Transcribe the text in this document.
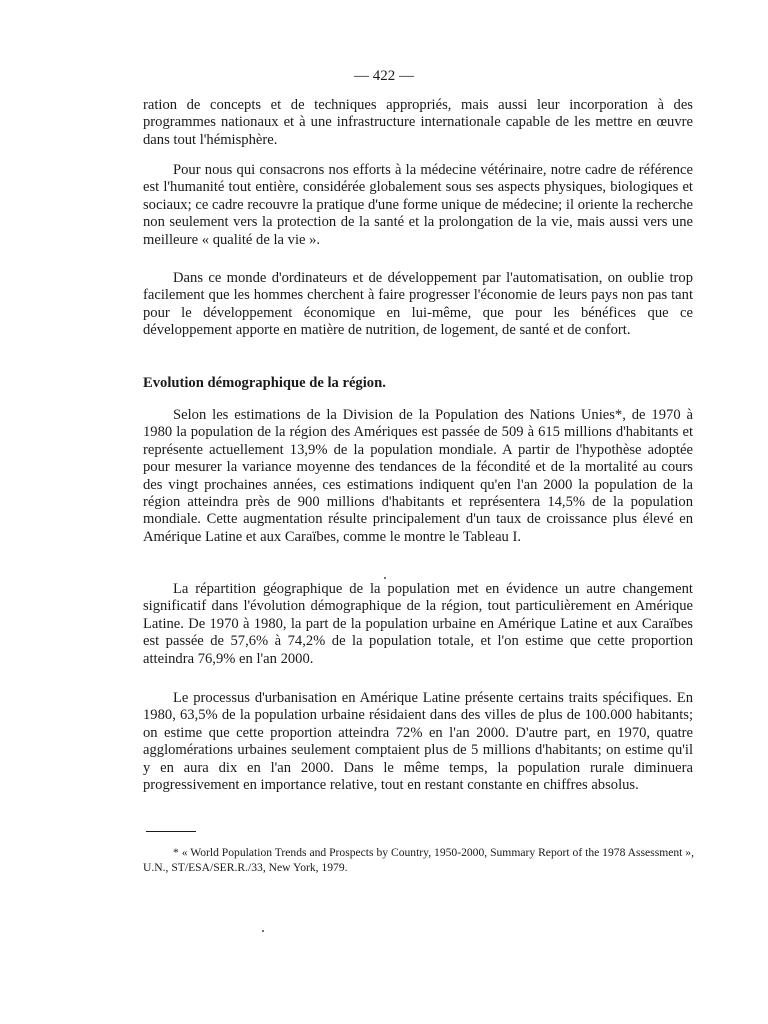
— 422 —

ration de concepts et de techniques appropriés, mais aussi leur incorporation à des programmes nationaux et à une infrastructure internationale capable de les mettre en œuvre dans tout l'hémisphère.

Pour nous qui consacrons nos efforts à la médecine vétérinaire, notre cadre de référence est l'humanité tout entière, considérée globalement sous ses aspects physiques, biologiques et sociaux; ce cadre recouvre la pratique d'une forme unique de médecine; il oriente la recherche non seulement vers la protection de la santé et la prolongation de la vie, mais aussi vers une meilleure « qualité de la vie ».

Dans ce monde d'ordinateurs et de développement par l'automatisation, on oublie trop facilement que les hommes cherchent à faire progresser l'économie de leurs pays non pas tant pour le développement économique en lui-même, que pour les bénéfices que ce développement apporte en matière de nutrition, de logement, de santé et de confort.

Evolution démographique de la région.

Selon les estimations de la Division de la Population des Nations Unies*, de 1970 à 1980 la population de la région des Amériques est passée de 509 à 615 millions d'habitants et représente actuellement 13,9% de la population mondiale. A partir de l'hypothèse adoptée pour mesurer la variance moyenne des tendances de la fécondité et de la mortalité au cours des vingt prochaines années, ces estimations indiquent qu'en l'an 2000 la population de la région atteindra près de 900 millions d'habitants et représentera 14,5% de la population mondiale. Cette augmentation résulte principalement d'un taux de croissance plus élevé en Amérique Latine et aux Caraïbes, comme le montre le Tableau I.

La répartition géographique de la population met en évidence un autre changement significatif dans l'évolution démographique de la région, tout particulièrement en Amérique Latine. De 1970 à 1980, la part de la population urbaine en Amérique Latine et aux Caraïbes est passée de 57,6% à 74,2% de la population totale, et l'on estime que cette proportion atteindra 76,9% en l'an 2000.

Le processus d'urbanisation en Amérique Latine présente certains traits spécifiques. En 1980, 63,5% de la population urbaine résidaient dans des villes de plus de 100.000 habitants; on estime que cette proportion atteindra 72% en l'an 2000. D'autre part, en 1970, quatre agglomérations urbaines seulement comptaient plus de 5 millions d'habitants; on estime qu'il y en aura dix en l'an 2000. Dans le même temps, la population rurale diminuera progressivement en importance relative, tout en restant constante en chiffres absolus.

* « World Population Trends and Prospects by Country, 1950-2000, Summary Report of the 1978 Assessment », U.N., ST/ESA/SER.R./33, New York, 1979.
